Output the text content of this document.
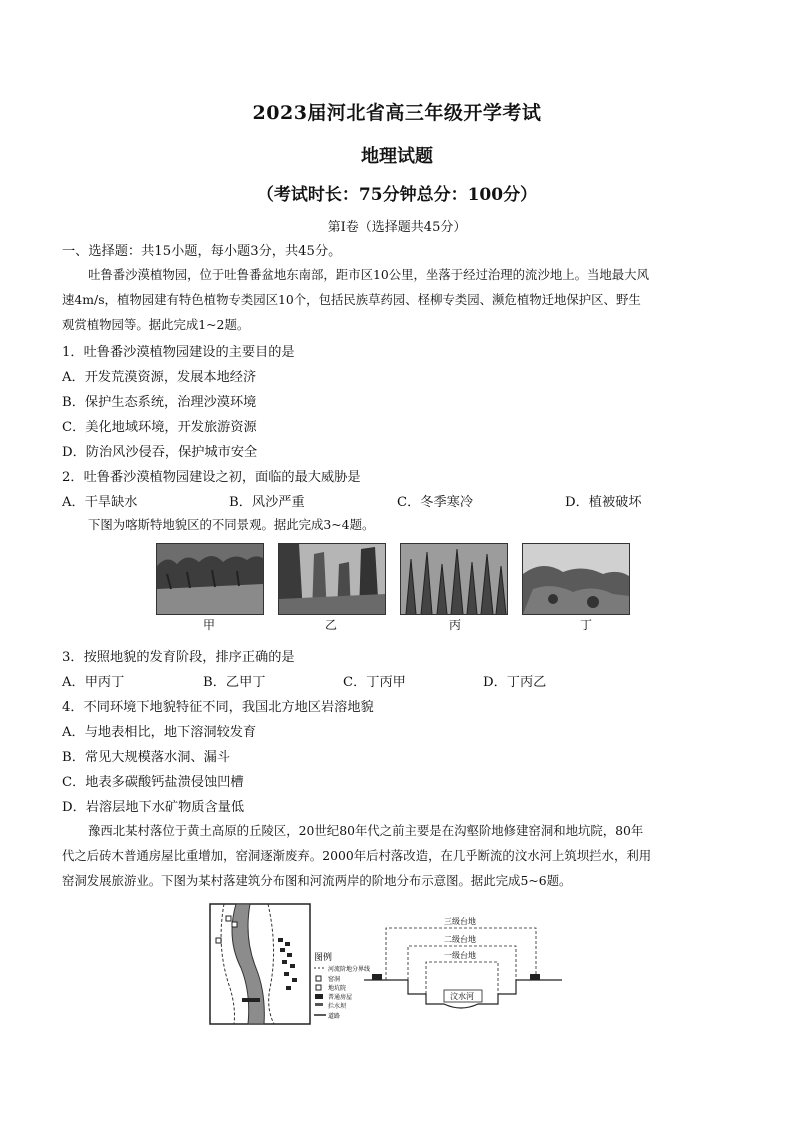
2023届河北省高三年级开学考试
地理试题
（考试时长：75分钟总分：100分）
第Ⅰ卷（选择题共45分）
一、选择题：共15小题，每小题3分，共45分。
吐鲁番沙漠植物园，位于吐鲁番盆地东南部，距市区10公里，坐落于经过治理的流沙地上。当地最大风
速4m/s，植物园建有特色植物专类园区10个，包括民族草药园、柽柳专类园、濒危植物迁地保护区、野生
观赏植物园等。据此完成1~2题。
1．吐鲁番沙漠植物园建设的主要目的是
A．开发荒漠资源，发展本地经济
B．保护生态系统，治理沙漠环境
C．美化地域环境，开发旅游资源
D．防治风沙侵吞，保护城市安全
2．吐鲁番沙漠植物园建设之初，面临的最大威胁是
A．干旱缺水	B．风沙严重	C．冬季寒冷	D．植被破坏
下图为喀斯特地貌区的不同景观。据此完成3~4题。
甲	乙	丙	丁
3．按照地貌的发育阶段，排序正确的是
A．甲丙丁	B．乙甲丁	C．丁丙甲	D．丁丙乙
4．不同环境下地貌特征不同，我国北方地区岩溶地貌
A．与地表相比，地下溶洞较发育
B．常见大规模落水洞、漏斗
C．地表多碳酸钙盐溃侵蚀凹槽
D．岩溶层地下水矿物质含量低
豫西北某村落位于黄土高原的丘陵区，20世纪80年代之前主要是在沟壑阶地修建窑洞和地坑院，80年
代之后砖木普通房屋比重增加，窑洞逐渐废弃。2000年后村落改造，在几乎断流的汶水河上筑坝拦水，利用
窑洞发展旅游业。下图为某村落建筑分布图和河流两岸的阶地分布示意图。据此完成5~6题。
图例
河流阶地分界线
窑洞
地坑院
普通房屋
拦水坝
道路
三级台地
二级台地
一级台地
汶水河
